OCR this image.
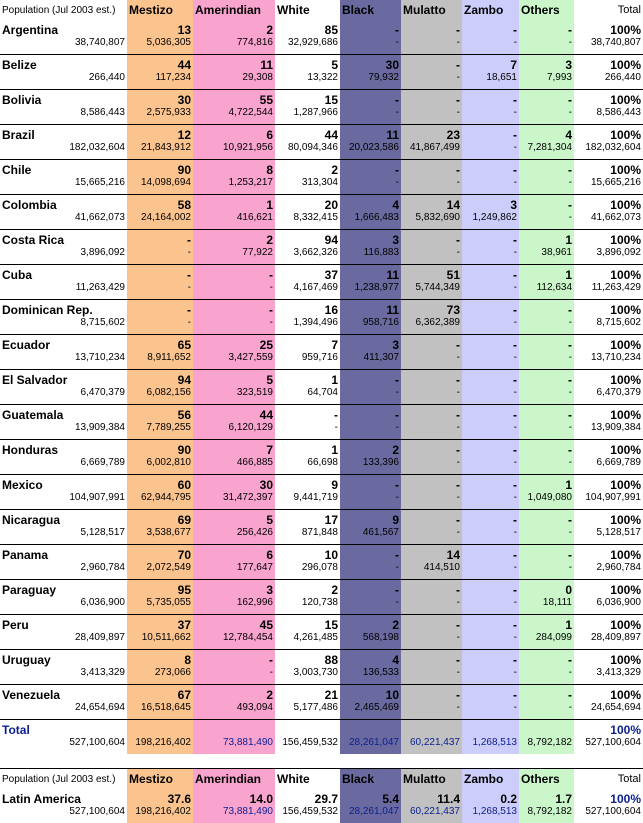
Population (Jul 2003 est.)	Mestizo	Amerindian	White	Black	Mulatto	Zambo	Others	Total
Argentina	13	2	85	-	-	-	-	100%
38,740,807	5,036,305	774,816	32,929,686	-	-	-	-	38,740,807
Belize	44	11	5	30	-	7	3	100%
266,440	117,234	29,308	13,322	79,932	-	18,651	7,993	266,440
Bolivia	30	55	15	-	-	-	-	100%
8,586,443	2,575,933	4,722,544	1,287,966	-	-	-	-	8,586,443
Brazil	12	6	44	11	23	-	4	100%
182,032,604	21,843,912	10,921,956	80,094,346	20,023,586	41,867,499	-	7,281,304	182,032,604
Chile	90	8	2	-	-	-	-	100%
15,665,216	14,098,694	1,253,217	313,304	-	-	-	-	15,665,216
Colombia	58	1	20	4	14	3	-	100%
41,662,073	24,164,002	416,621	8,332,415	1,666,483	5,832,690	1,249,862	-	41,662,073
Costa Rica	-	2	94	3	-	-	1	100%
3,896,092	-	77,922	3,662,326	116,883	-	-	38,961	3,896,092
Cuba	-	-	37	11	51	-	1	100%
11,263,429	-	-	4,167,469	1,238,977	5,744,349	-	112,634	11,263,429
Dominican Rep.	-	-	16	11	73	-	-	100%
8,715,602	-	-	1,394,496	958,716	6,362,389	-	-	8,715,602
Ecuador	65	25	7	3	-	-	-	100%
13,710,234	8,911,652	3,427,559	959,716	411,307	-	-	-	13,710,234
El Salvador	94	5	1	-	-	-	-	100%
6,470,379	6,082,156	323,519	64,704	-	-	-	-	6,470,379
Guatemala	56	44	-	-	-	-	-	100%
13,909,384	7,789,255	6,120,129	-	-	-	-	-	13,909,384
Honduras	90	7	1	2	-	-	-	100%
6,669,789	6,002,810	466,885	66,698	133,396	-	-	-	6,669,789
Mexico	60	30	9	-	-	-	1	100%
104,907,991	62,944,795	31,472,397	9,441,719	-	-	-	1,049,080	104,907,991
Nicaragua	69	5	17	9	-	-	-	100%
5,128,517	3,538,677	256,426	871,848	461,567	-	-	-	5,128,517
Panama	70	6	10	-	14	-	-	100%
2,960,784	2,072,549	177,647	296,078	-	414,510	-	-	2,960,784
Paraguay	95	3	2	-	-	-	0	100%
6,036,900	5,735,055	162,996	120,738	-	-	-	18,111	6,036,900
Peru	37	45	15	2	-	-	1	100%
28,409,897	10,511,662	12,784,454	4,261,485	568,198	-	-	284,099	28,409,897
Uruguay	8	-	88	4	-	-	-	100%
3,413,329	273,066	-	3,003,730	136,533	-	-	-	3,413,329
Venezuela	67	2	21	10	-	-	-	100%
24,654,694	16,518,645	493,094	5,177,486	2,465,469	-	-	-	24,654,694
Total								100%
527,100,604	198,216,402	73,881,490	156,459,532	28,261,047	60,221,437	1,268,513	8,792,182	527,100,604
Population (Jul 2003 est.)	Mestizo	Amerindian	White	Black	Mulatto	Zambo	Others	Total
Latin America	37.6	14.0	29.7	5.4	11.4	0.2	1.7	100%
527,100,604	198,216,402	73,881,490	156,459,532	28,261,047	60,221,437	1,268,513	8,792,182	527,100,604
